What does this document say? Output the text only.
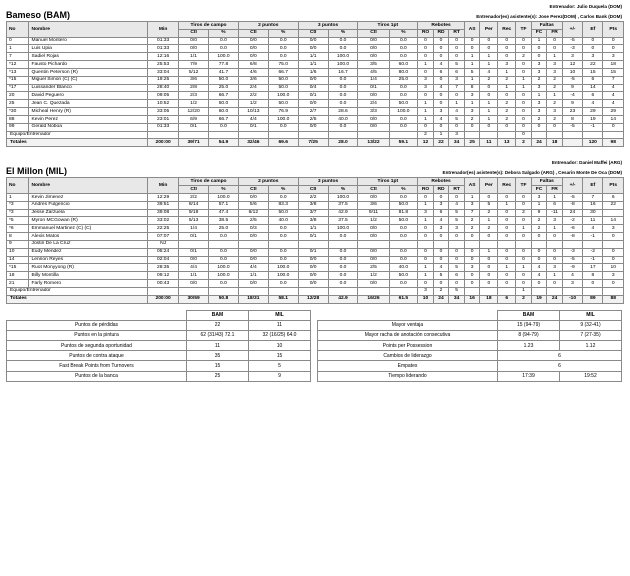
Entrenador: Julio Duquela (DOM)
Bameso (BAM)	Entrenador(es) asistente(s): Jose Perez(DOM) , Carlos Bank (DOM)
No	Nombre	Min	Tiros de campo		2 puntos		3 puntos		Tiros 1pt		Rebotes			AS	Per	Rec	TF	Faltas		+/-	Ef	Pts
			CtI	%	CtI	%	CtI	%	CtI	%	RO	RD	RT					FC	FR			
0	Manuel Montero	01:33	0/0	0.0	0/0	0.0	0/0	0.0	0/0	0.0	0	0	0	0	0	0	0	1	0	-5	0	0
1	Luis Upia	01:33	0/0	0.0	0/0	0.0	0/0	0.0	0/0	0.0	0	0	0	0	0	0	0	0	0	-3	0	0
7	Sadiel Rojas	12:16	1/1	100.0	0/0	0.0	1/1	100.0	0/0	0.0	0	0	0	1	1	0	2	0	1	3	3	3
*12	Fausto Pichardo	25:53	7/9	77.8	6/8	75.0	1/1	100.0	3/5	60.0	1	4	5	1	1	3	0	3	3	12	22	18
*13	Quentin Peterson (R)	33:04	5/12	41.7	4/6	66.7	1/6	16.7	4/5	80.0	0	6	6	5	4	1	0	3	3	10	15	15
*15	Miguel Simon (C) (C)	19:25	3/6	50.0	3/6	50.0	0/0	0.0	1/4	25.0	3	0	3	1	2	2	1	2	2	-5	6	7
*17	Luissander Blanco	28:40	2/8	25.0	2/4	50.0	0/4	0.0	0/1	0.0	3	4	7	8	0	1	1	3	2	9	14	4
20	David Peguero	09:05	2/3	66.7	2/2	100.0	0/1	0.0	0/0	0.0	0	0	0	3	0	0	0	1	1	-4	6	4
25	Jean C. Quezada	10:52	1/2	50.0	1/2	50.0	0/0	0.0	2/4	50.0	1	0	1	1	1	2	0	3	2	9	4	4
*30	Micheal Henry (R)	33:05	12/20	60.0	10/13	76.9	2/7	28.6	3/3	100.0	1	3	4	3	1	2	0	3	3	23	29	29
88	Kevin Perez	23:01	6/9	66.7	4/4	100.0	2/5	40.0	0/0	0.0	1	4	5	2	1	2	0	2	2	8	19	14
99	Gerald Noboa	01:33	0/1	0.0	0/1	0.0	0/0	0.0	0/0	0.0	0	0	0	0	0	0	0	0	0	-5	-1	0
Equipo/Entrenador											2	1	3				0					
Totales		200:00	39/71	54.9	32/46	69.6	7/25	28.0	13/22	59.1	12	22	34	25	11	13	2	24	18		120	98
Entrenador: Daniel Maffei (ARG)
El Millon (MIL)	Entrenador(es) asistente(s): Debora Salgado (ARG) , Cesarin Monte De Oca (DOM)
No	Nombre	Min	Tiros de campo		2 puntos		3 puntos		Tiros 1pt		Rebotes			AS	Per	Rec	TF	Faltas		+/-	Ef	Pts
			CtI	%	CtI	%	CtI	%	CtI	%	RO	RD	RT					FC	FR			
1	Kevin Jimenez	12:29	2/2	100.0	0/0	0.0	2/2	100.0	0/0	0.0	0	0	0	1	0	0	0	3	1	-5	7	6
*3	Andres Fulgencio	39:51	8/14	57.1	5/6	83.3	3/8	37.5	3/6	50.0	1	3	4	3	5	1	0	1	6	-8	16	22
*3	Jesse Zarzuela	39:08	9/19	47.4	6/12	50.0	3/7	42.9	9/11	81.8	3	6	5	7	2	0	2	9	-11	24	30	
*5	Myron MCGowan (R)	33:02	5/13	38.5	2/5	40.0	3/8	37.5	1/2	50.0	1	4	5	2	1	0	0	2	3	-2	11	14
*6	Emmanuel Martinez (C) (C)	22:25	1/4	25.0	0/3	0.0	1/1	100.0	0/0	0.0	0	3	3	2	2	0	1	2	1	-6	4	3
8	Alexis Matos	07:07	0/1	0.0	0/0	0.0	0/1	0.0	0/0	0.0	0	0	0	0	0	0	0	0	0	-8	-1	0
9	Jostin De La Cruz	NJ																				
10	Eudy Mendez	05:24	0/1	0.0	0/0	0.0	0/1	0.0	0/0	0.0	0	0	0	0	1	0	0	0	0	-3	-2	0
14	Lennon Reyes	02:04	0/0	0.0	0/0	0.0	0/0	0.0	0/0	0.0	0	0	0	0	0	0	0	0	0	-5	-1	0
*15	Ruot Monyyong (R)	28:35	4/4	100.0	4/4	100.0	0/0	0.0	2/5	40.0	1	4	5	3	0	1	1	4	3	-9	17	10
18	Billy Montilla	09:12	1/1	100.0	1/1	100.0	0/0	0.0	1/2	50.0	1	5	6	0	0	0	0	4	1	4	8	3
21	Farly Romero	00:43	0/0	0.0	0/0	0.0	0/0	0.0	0/0	0.0	0	0	0	0	0	0	0	0	0	3	0	0
Equipo/Entrenador											3	2	5				1					
Totales		200:00	30/59	50.8	18/31	58.1	12/28	42.9	16/26	61.5	10	24	34	16	18	6	2	19	24	-10	89	88
	BAM	MIL
Puntos de pérdidas	22	11
Puntos en la pintura	62 (31/43) 72.1	32 (16/25) 64.0
Puntos de segunda oportunidad	11	10
Puntos de contra ataque	35	15
Fast Break Points from Turnovers	15	5
Puntos de la banca	25	9
	BAM	MIL
Mayor ventaja	15 (94-79)	9 (32-41)
Mayor racha de anotación consecutiva	8 (94-79)	7 (27-35)
Points per Possession	1.23	1.12
Cambios de liderazgo	6	
Empates	6	
Tiempo liderando	17:39	19:52
